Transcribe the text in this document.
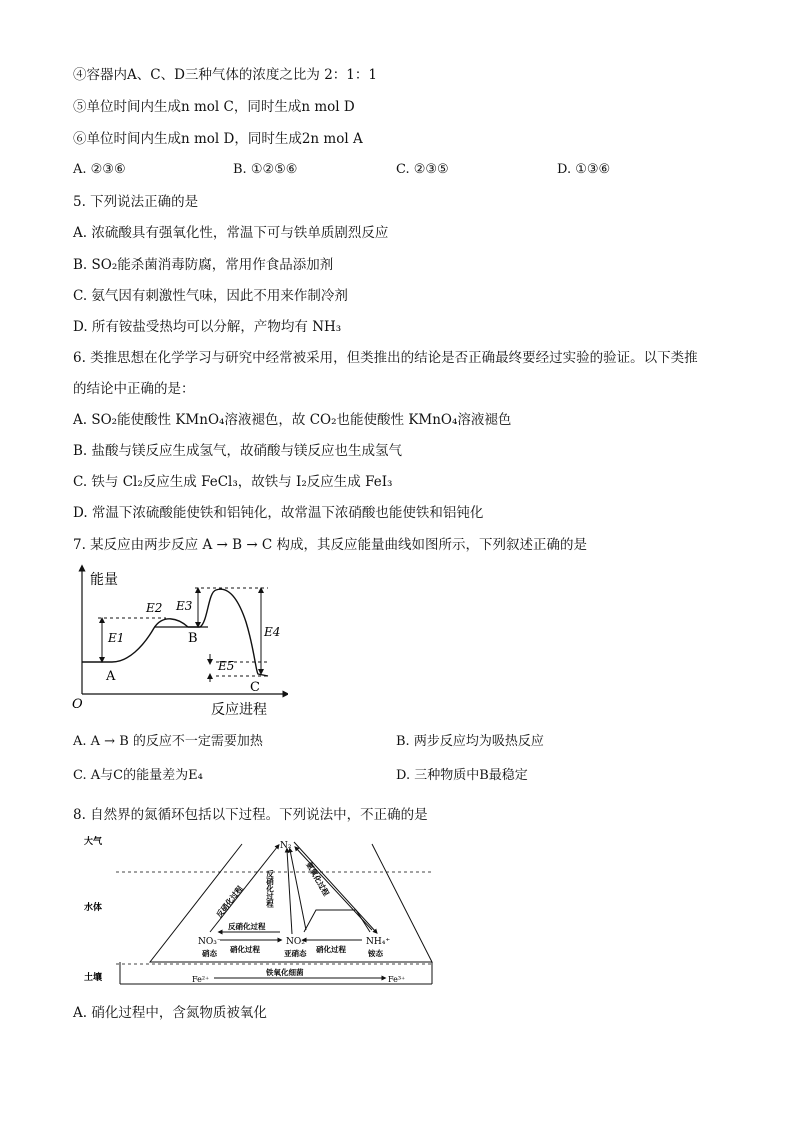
④容器内A、C、D三种气体的浓度之比为 2：1：1
⑤单位时间内生成n mol C，同时生成n mol D
⑥单位时间内生成n mol D，同时生成2n mol A
A. ②③⑥	B. ①②⑤⑥	C. ②③⑤	D. ①③⑥
5. 下列说法正确的是
A. 浓硫酸具有强氧化性，常温下可与铁单质剧烈反应
B. SO₂能杀菌消毒防腐，常用作食品添加剂
C. 氨气因有刺激性气味，因此不用来作制冷剂
D. 所有铵盐受热均可以分解，产物均有 NH₃
6. 类推思想在化学学习与研究中经常被采用，但类推出的结论是否正确最终要经过实验的验证。以下类推
的结论中正确的是：
A. SO₂能使酸性 KMnO₄溶液褪色，故 CO₂也能使酸性 KMnO₄溶液褪色
B. 盐酸与镁反应生成氢气，故硝酸与镁反应也生成氢气
C. 铁与 Cl₂反应生成 FeCl₃，故铁与 I₂反应生成 FeI₃
D. 常温下浓硫酸能使铁和铝钝化，故常温下浓硝酸也能使铁和铝钝化
7. 某反应由两步反应 A → B → C 构成，其反应能量曲线如图所示，下列叙述正确的是
能量
O	反应进程
A
B
C
E1
E2 E3
E4
E5
A. A → B 的反应不一定需要加热	B. 两步反应均为吸热反应
C. A与C的能量差为E₄	D. 三种物质中B最稳定
8. 自然界的氮循环包括以下过程。下列说法中，不正确的是
大气
水体
土壤
N₂
NO₃⁻	NO₂⁻	NH₄⁺
Fe²⁺	Fe³⁺
硝态	亚硝态	铵态
反硝化过程
硝化过程
反硝化过程
硝化过程
反硝化过程	氨氧化过程
铁氧化细菌
A. 硝化过程中，含氮物质被氧化
